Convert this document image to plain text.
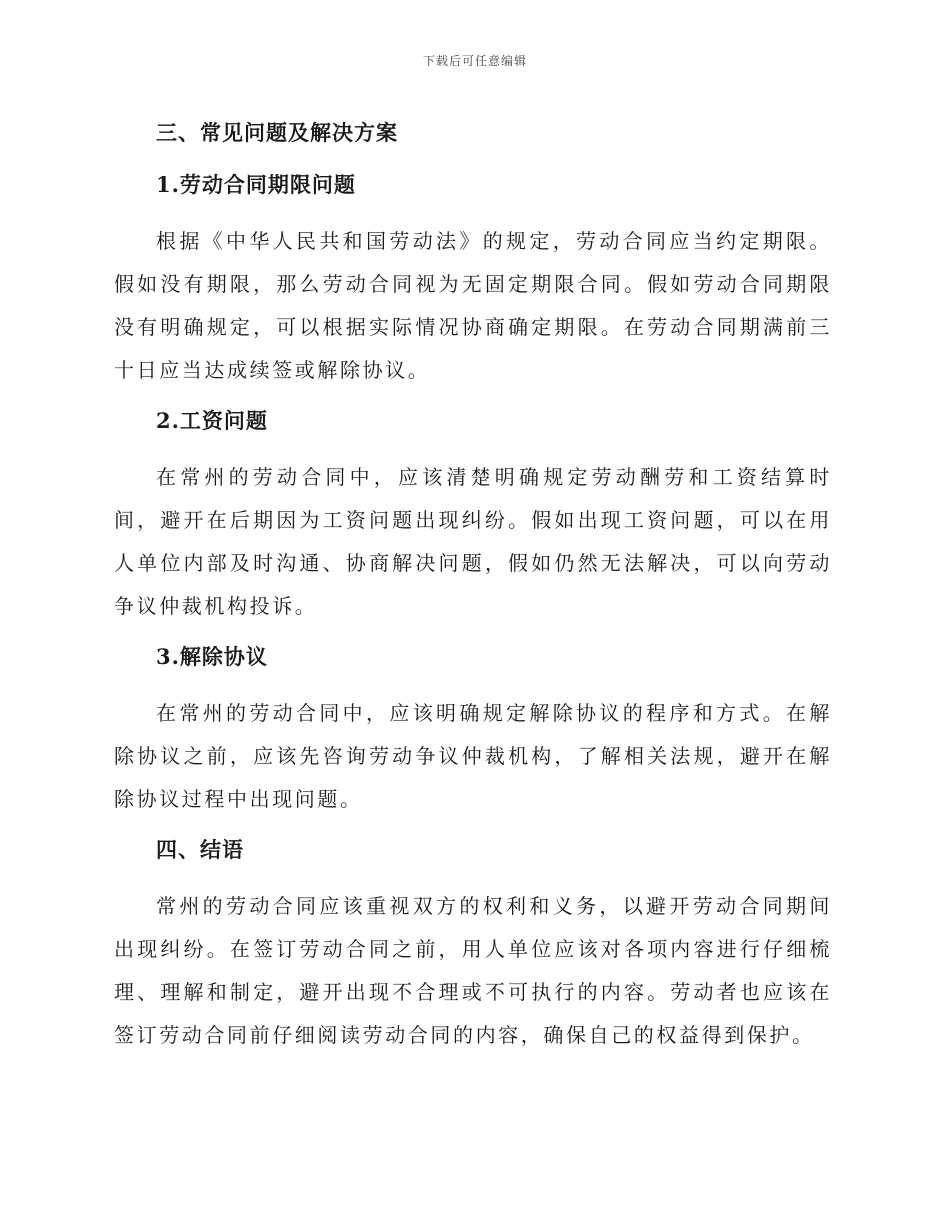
下载后可任意编辑
三、常见问题及解决方案
1.劳动合同期限问题

根据《中华人民共和国劳动法》的规定，劳动合同应当约定期限。假如没有期限，那么劳动合同视为无固定期限合同。假如劳动合同期限没有明确规定，可以根据实际情况协商确定期限。在劳动合同期满前三十日应当达成续签或解除协议。

2.工资问题

在常州的劳动合同中，应该清楚明确规定劳动酬劳和工资结算时间，避开在后期因为工资问题出现纠纷。假如出现工资问题，可以在用人单位内部及时沟通、协商解决问题，假如仍然无法解决，可以向劳动争议仲裁机构投诉。

3.解除协议

在常州的劳动合同中，应该明确规定解除协议的程序和方式。在解除协议之前，应该先咨询劳动争议仲裁机构，了解相关法规，避开在解除协议过程中出现问题。

四、结语

常州的劳动合同应该重视双方的权利和义务，以避开劳动合同期间出现纠纷。在签订劳动合同之前，用人单位应该对各项内容进行仔细梳理、理解和制定，避开出现不合理或不可执行的内容。劳动者也应该在签订劳动合同前仔细阅读劳动合同的内容，确保自己的权益得到保护。
